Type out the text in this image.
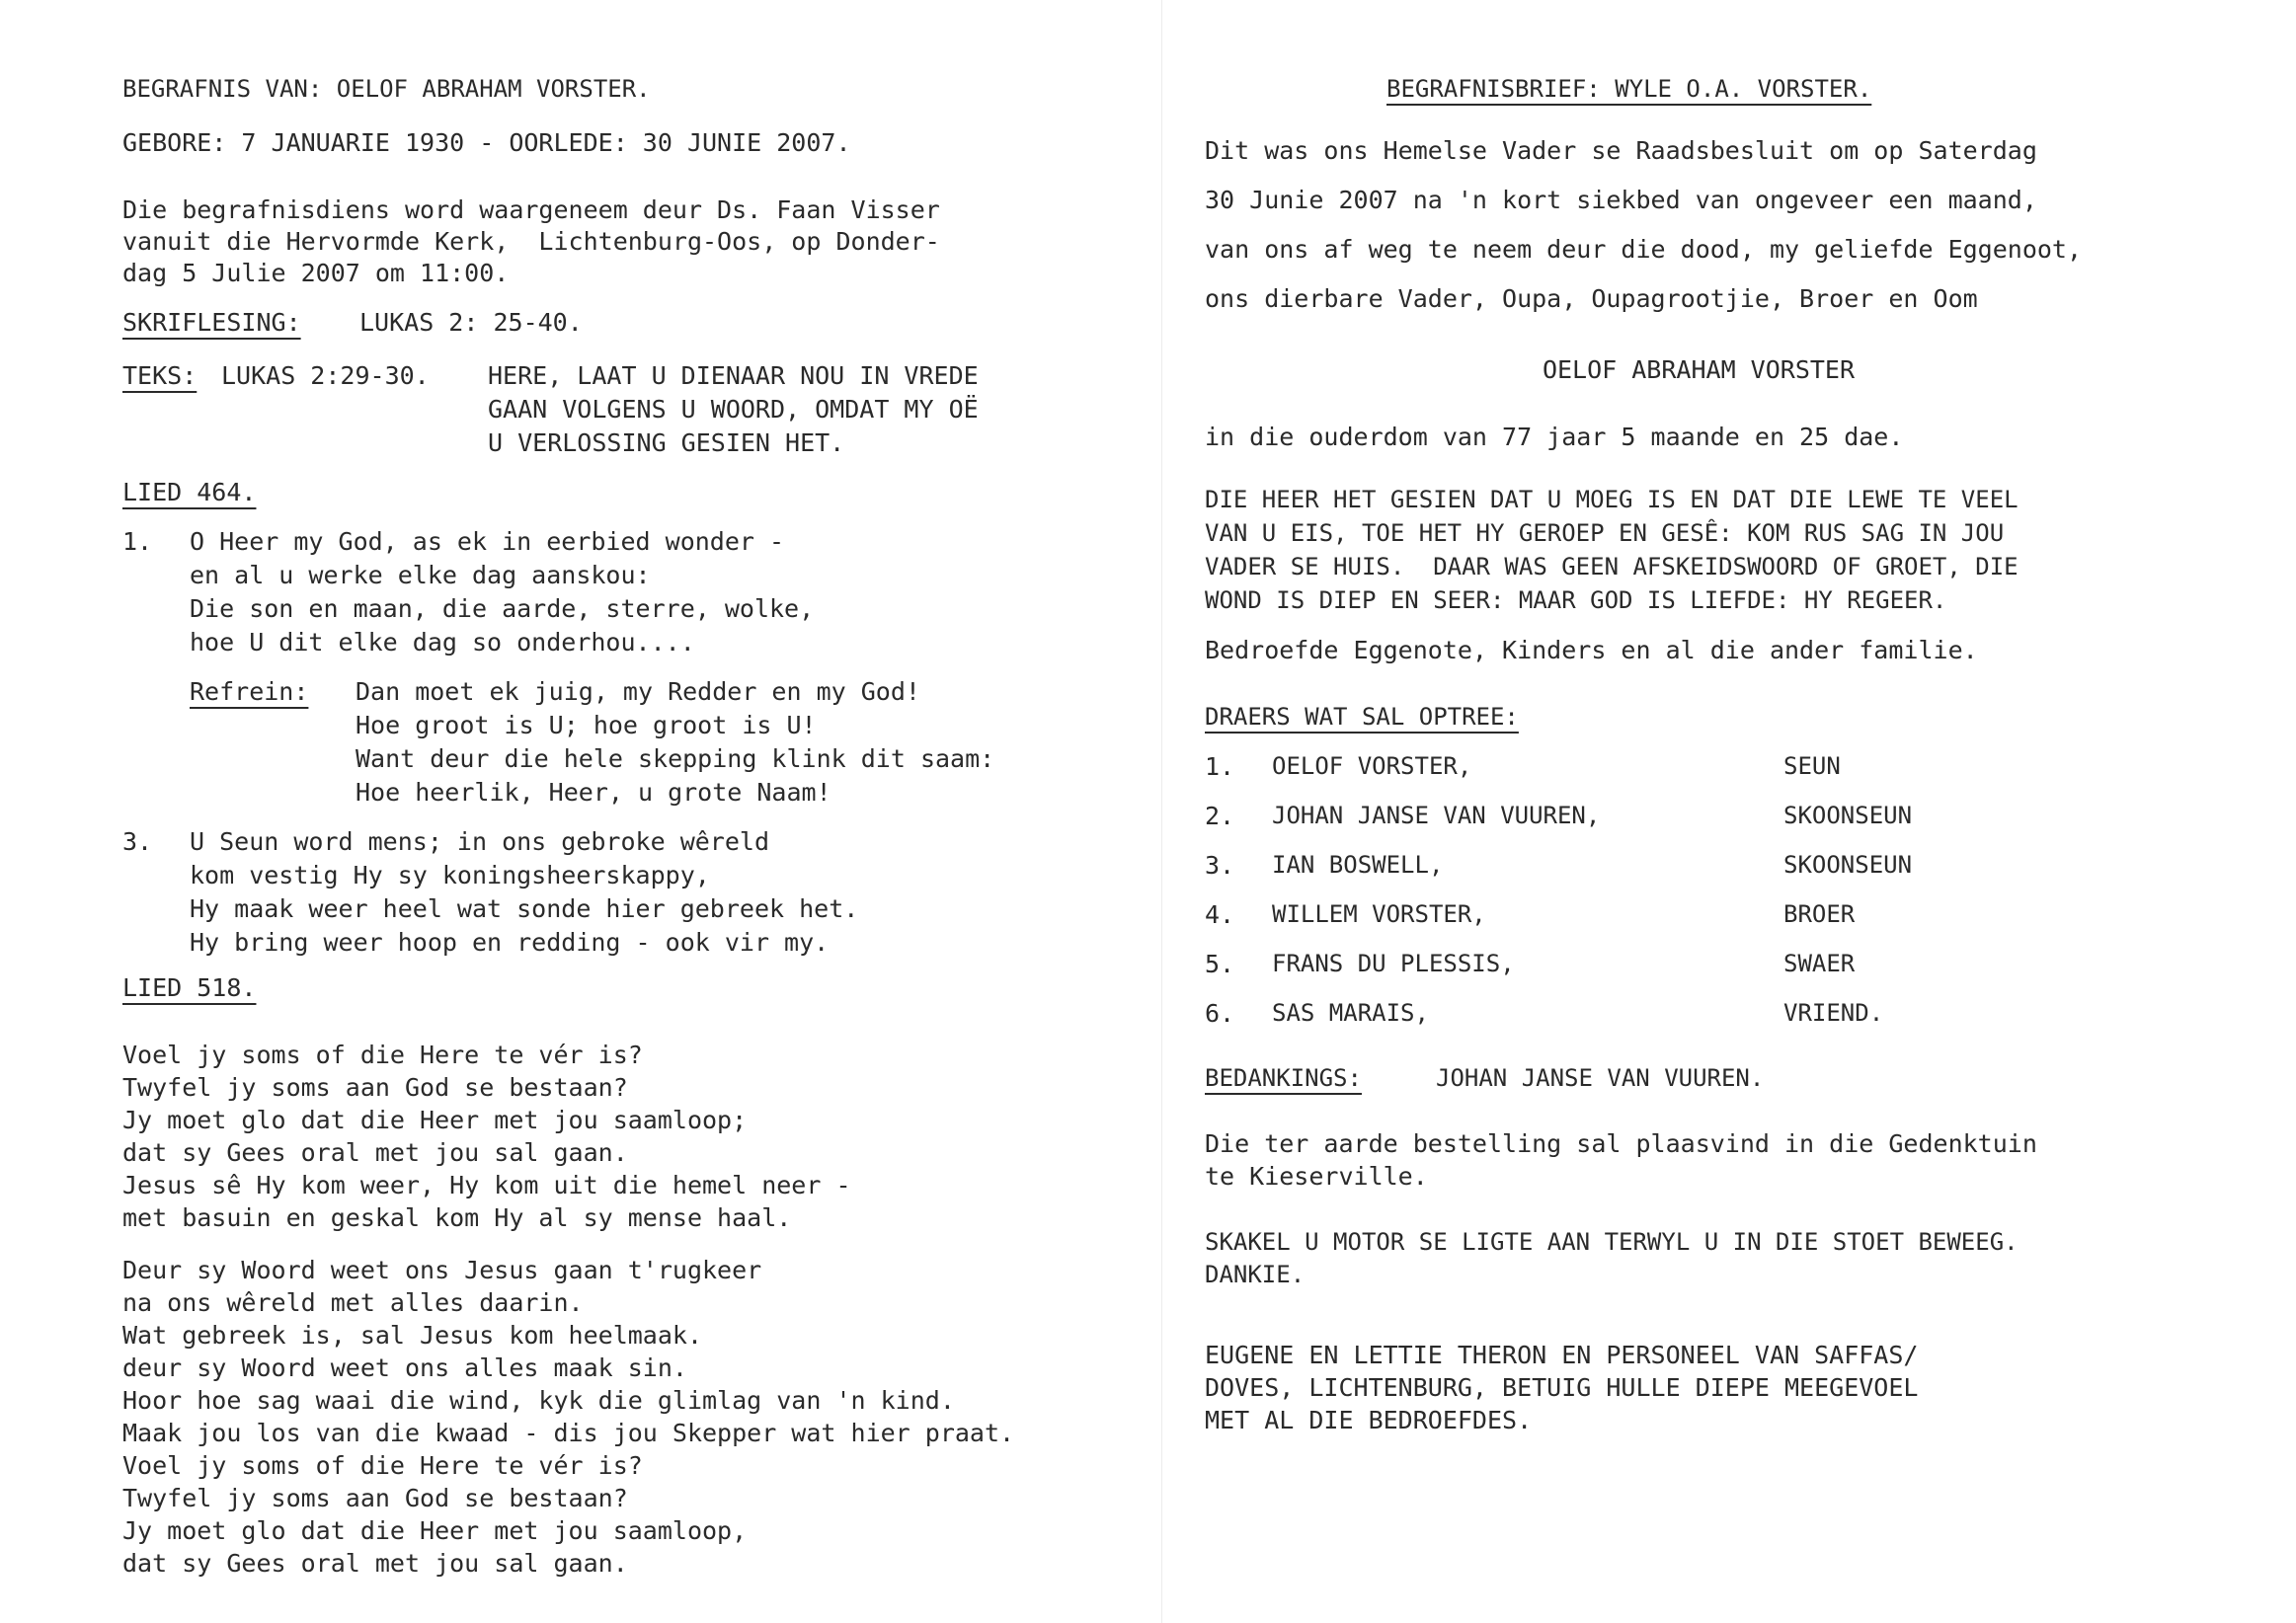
BEGRAFNIS VAN: OELOF ABRAHAM VORSTER.
GEBORE: 7 JANUARIE 1930 - OORLEDE: 30 JUNIE 2007.
Die begrafnisdiens word waargeneem deur Ds. Faan Visser
vanuit die Hervormde Kerk,  Lichtenburg-Oos, op Donder-
dag 5 Julie 2007 om 11:00.
SKRIFLESING: LUKAS 2: 25-40.
TEKS: LUKAS 2:29-30. HERE, LAAT U DIENAAR NOU IN VREDE
GAAN VOLGENS U WOORD, OMDAT MY OË
U VERLOSSING GESIEN HET.
LIED 464.
1. O Heer my God, as ek in eerbied wonder -
en al u werke elke dag aanskou:
Die son en maan, die aarde, sterre, wolke,
hoe U dit elke dag so onderhou....
Refrein: Dan moet ek juig, my Redder en my God!
Hoe groot is U; hoe groot is U!
Want deur die hele skepping klink dit saam:
Hoe heerlik, Heer, u grote Naam!
3. U Seun word mens; in ons gebroke wêreld
kom vestig Hy sy koningsheerskappy,
Hy maak weer heel wat sonde hier gebreek het.
Hy bring weer hoop en redding - ook vir my.
LIED 518.
Voel jy soms of die Here te vér is?
Twyfel jy soms aan God se bestaan?
Jy moet glo dat die Heer met jou saamloop;
dat sy Gees oral met jou sal gaan.
Jesus sê Hy kom weer, Hy kom uit die hemel neer -
met basuin en geskal kom Hy al sy mense haal.
Deur sy Woord weet ons Jesus gaan t'rugkeer
na ons wêreld met alles daarin.
Wat gebreek is, sal Jesus kom heelmaak.
deur sy Woord weet ons alles maak sin.
Hoor hoe sag waai die wind, kyk die glimlag van 'n kind.
Maak jou los van die kwaad - dis jou Skepper wat hier praat.
Voel jy soms of die Here te vér is?
Twyfel jy soms aan God se bestaan?
Jy moet glo dat die Heer met jou saamloop,
dat sy Gees oral met jou sal gaan.
BEGRAFNISBRIEF: WYLE O.A. VORSTER.
Dit was ons Hemelse Vader se Raadsbesluit om op Saterdag
30 Junie 2007 na 'n kort siekbed van ongeveer een maand,
van ons af weg te neem deur die dood, my geliefde Eggenoot,
ons dierbare Vader, Oupa, Oupagrootjie, Broer en Oom
OELOF ABRAHAM VORSTER
in die ouderdom van 77 jaar 5 maande en 25 dae.
DIE HEER HET GESIEN DAT U MOEG IS EN DAT DIE LEWE TE VEEL
VAN U EIS, TOE HET HY GEROEP EN GESÊ: KOM RUS SAG IN JOU
VADER SE HUIS.  DAAR WAS GEEN AFSKEIDSWOORD OF GROET, DIE
WOND IS DIEP EN SEER: MAAR GOD IS LIEFDE: HY REGEER.
Bedroefde Eggenote, Kinders en al die ander familie.
DRAERS WAT SAL OPTREE:
1. OELOF VORSTER,	SEUN
2. JOHAN JANSE VAN VUUREN,	SKOONSEUN
3. IAN BOSWELL,	SKOONSEUN
4. WILLEM VORSTER,	BROER
5. FRANS DU PLESSIS,	SWAER
6. SAS MARAIS,	VRIEND.
BEDANKINGS:	JOHAN JANSE VAN VUUREN.
Die ter aarde bestelling sal plaasvind in die Gedenktuin
te Kieserville.
SKAKEL U MOTOR SE LIGTE AAN TERWYL U IN DIE STOET BEWEEG.
DANKIE.
EUGENE EN LETTIE THERON EN PERSONEEL VAN SAFFAS/
DOVES, LICHTENBURG, BETUIG HULLE DIEPE MEEGEVOEL
MET AL DIE BEDROEFDES.
